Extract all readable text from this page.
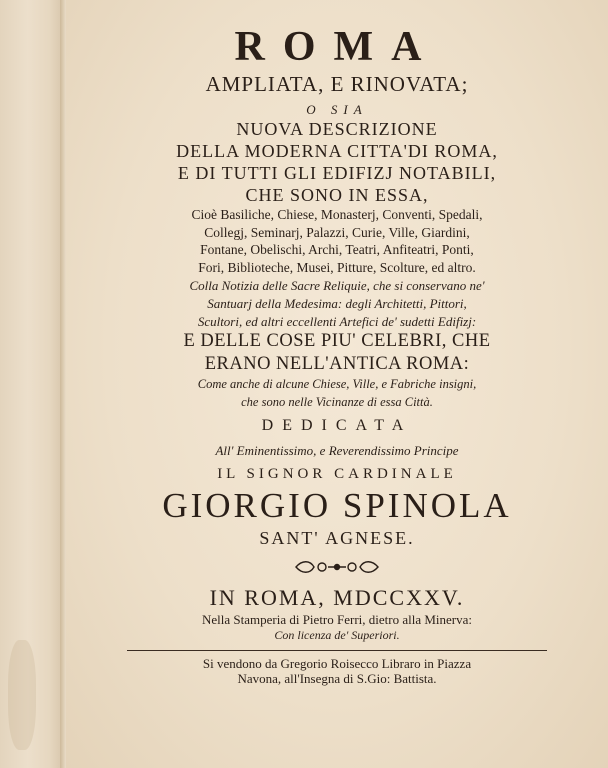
ROMA
AMPLIATA, E RINOVATA;
O SIA
NUOVA DESCRIZIONE
DELLA MODERNA CITTA'DI ROMA,
E DI TUTTI GLI EDIFIZJ NOTABILI,
CHE SONO IN ESSA,
Cioè Basiliche, Chiese, Monasterj, Conventi, Spedali,
Collegj, Seminarj, Palazzi, Curie, Ville, Giardini,
Fontane, Obelischi, Archi, Teatri, Anfiteatri, Ponti,
Fori, Biblioteche, Musei, Pitture, Scolture, ed altro.
Colla Notizia delle Sacre Reliquie, che si conservano ne'
Santuarj della Medesima: degli Architetti, Pittori,
Scultori, ed altri eccellenti Artefici de' sudetti Edifizj:
E DELLE COSE PIU' CELEBRI, CHE
ERANO NELL'ANTICA ROMA:
Come anche di alcune Chiese, Ville, e Fabriche insigni,
che sono nelle Vicinanze di essa Città.
DEDICATA
All' Eminentissimo, e Reverendissimo Principe
IL SIGNOR CARDINALE
GIORGIO SPINOLA
SANT' AGNESE.
IN ROMA, MDCCXXV.
Nella Stamperia di Pietro Ferri, dietro alla Minerva:
Con licenza de' Superiori.
Si vendono da Gregorio Roisecco Libraro in Piazza
Navona, all'Insegna di S.Gio: Battista.
